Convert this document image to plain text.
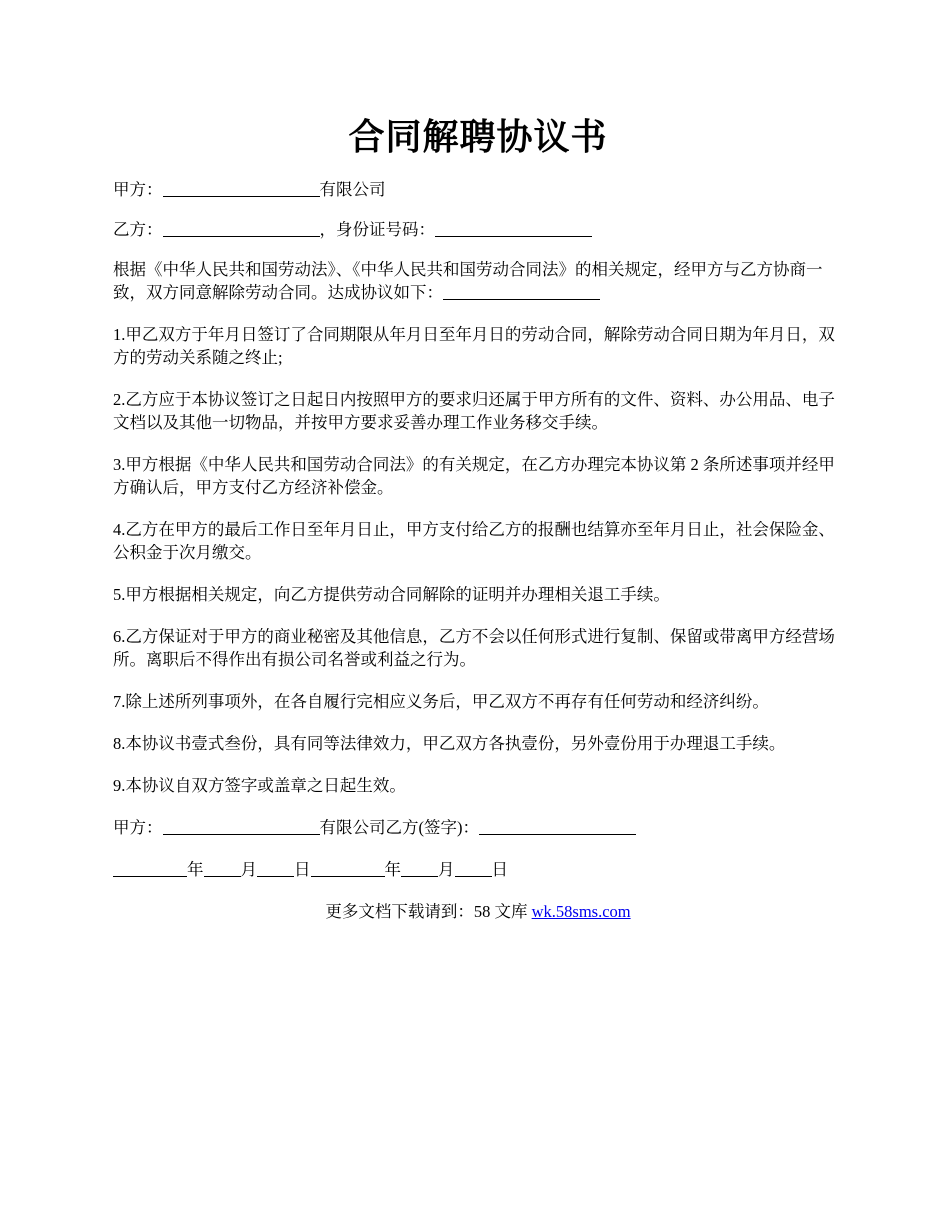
合同解聘协议书

甲方：	有限公司

乙方：	，身份证号码：

根据《中华人民共和国劳动法》、《中华人民共和国劳动合同法》的相关规定，经甲方与乙方协商一致，双方同意解除劳动合同。达成协议如下：

1.甲乙双方于年月日签订了合同期限从年月日至年月日的劳动合同，解除劳动合同日期为年月日，双方的劳动关系随之终止;

2.乙方应于本协议签订之日起日内按照甲方的要求归还属于甲方所有的文件、资料、办公用品、电子文档以及其他一切物品，并按甲方要求妥善办理工作业务移交手续。

3.甲方根据《中华人民共和国劳动合同法》的有关规定，在乙方办理完本协议第 2 条所述事项并经甲方确认后，甲方支付乙方经济补偿金。

4.乙方在甲方的最后工作日至年月日止，甲方支付给乙方的报酬也结算亦至年月日止，社会保险金、公积金于次月缴交。

5.甲方根据相关规定，向乙方提供劳动合同解除的证明并办理相关退工手续。

6.乙方保证对于甲方的商业秘密及其他信息，乙方不会以任何形式进行复制、保留或带离甲方经营场所。离职后不得作出有损公司名誉或利益之行为。

7.除上述所列事项外，在各自履行完相应义务后，甲乙双方不再存有任何劳动和经济纠纷。

8.本协议书壹式叁份，具有同等法律效力，甲乙双方各执壹份，另外壹份用于办理退工手续。

9.本协议自双方签字或盖章之日起生效。

甲方：	有限公司乙方(签字)：

年 月 日	年 月 日

更多文档下载请到：58 文库 wk.58sms.com
